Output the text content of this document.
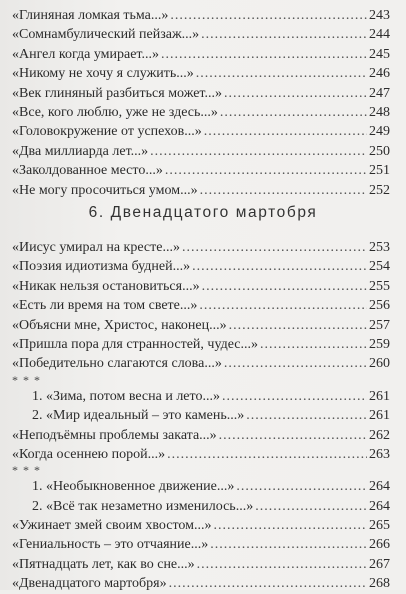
«Глиняная ломкая тьма...» .....	243
«Сомнамбулический пейзаж...» .....	244
«Ангел когда умирает...» .....	245
«Никому не хочу я служить...» .....	246
«Век глиняный разбиться может...» .....	247
«Все, кого люблю, уже не здесь...» .....	248
«Головокружение от успехов...» .....	249
«Два миллиарда лет...» .....	250
«Заколдованное место...» .....	251
«Не могу просочиться умом...» .....	252
6. Двенадцатого мартобря
«Иисус умирал на кресте...» .....	253
«Поэзия идиотизма будней...» .....	254
«Никак нельзя остановиться...» .....	255
«Есть ли время на том свете...» .....	256
«Объясни мне, Христос, наконец...» .....	257
«Пришла пора для странностей, чудес...» .....	259
«Победительно слагаются слова...» .....	260
* * *
1. «Зима, потом весна и лето...» .....	261
2. «Мир идеальный – это камень...» .....	261
«Неподъёмны проблемы заката...» .....	262
«Когда осеннею порой...» .....	263
* * *
1. «Необыкновенное движение...» .....	264
2. «Всё так незаметно изменилось...» .....	264
«Ужинает змей своим хвостом...» .....	265
«Гениальность – это отчаяние...» .....	266
«Пятнадцать лет, как во сне...» .....	267
«Двенадцатого мартобря» .....	268
